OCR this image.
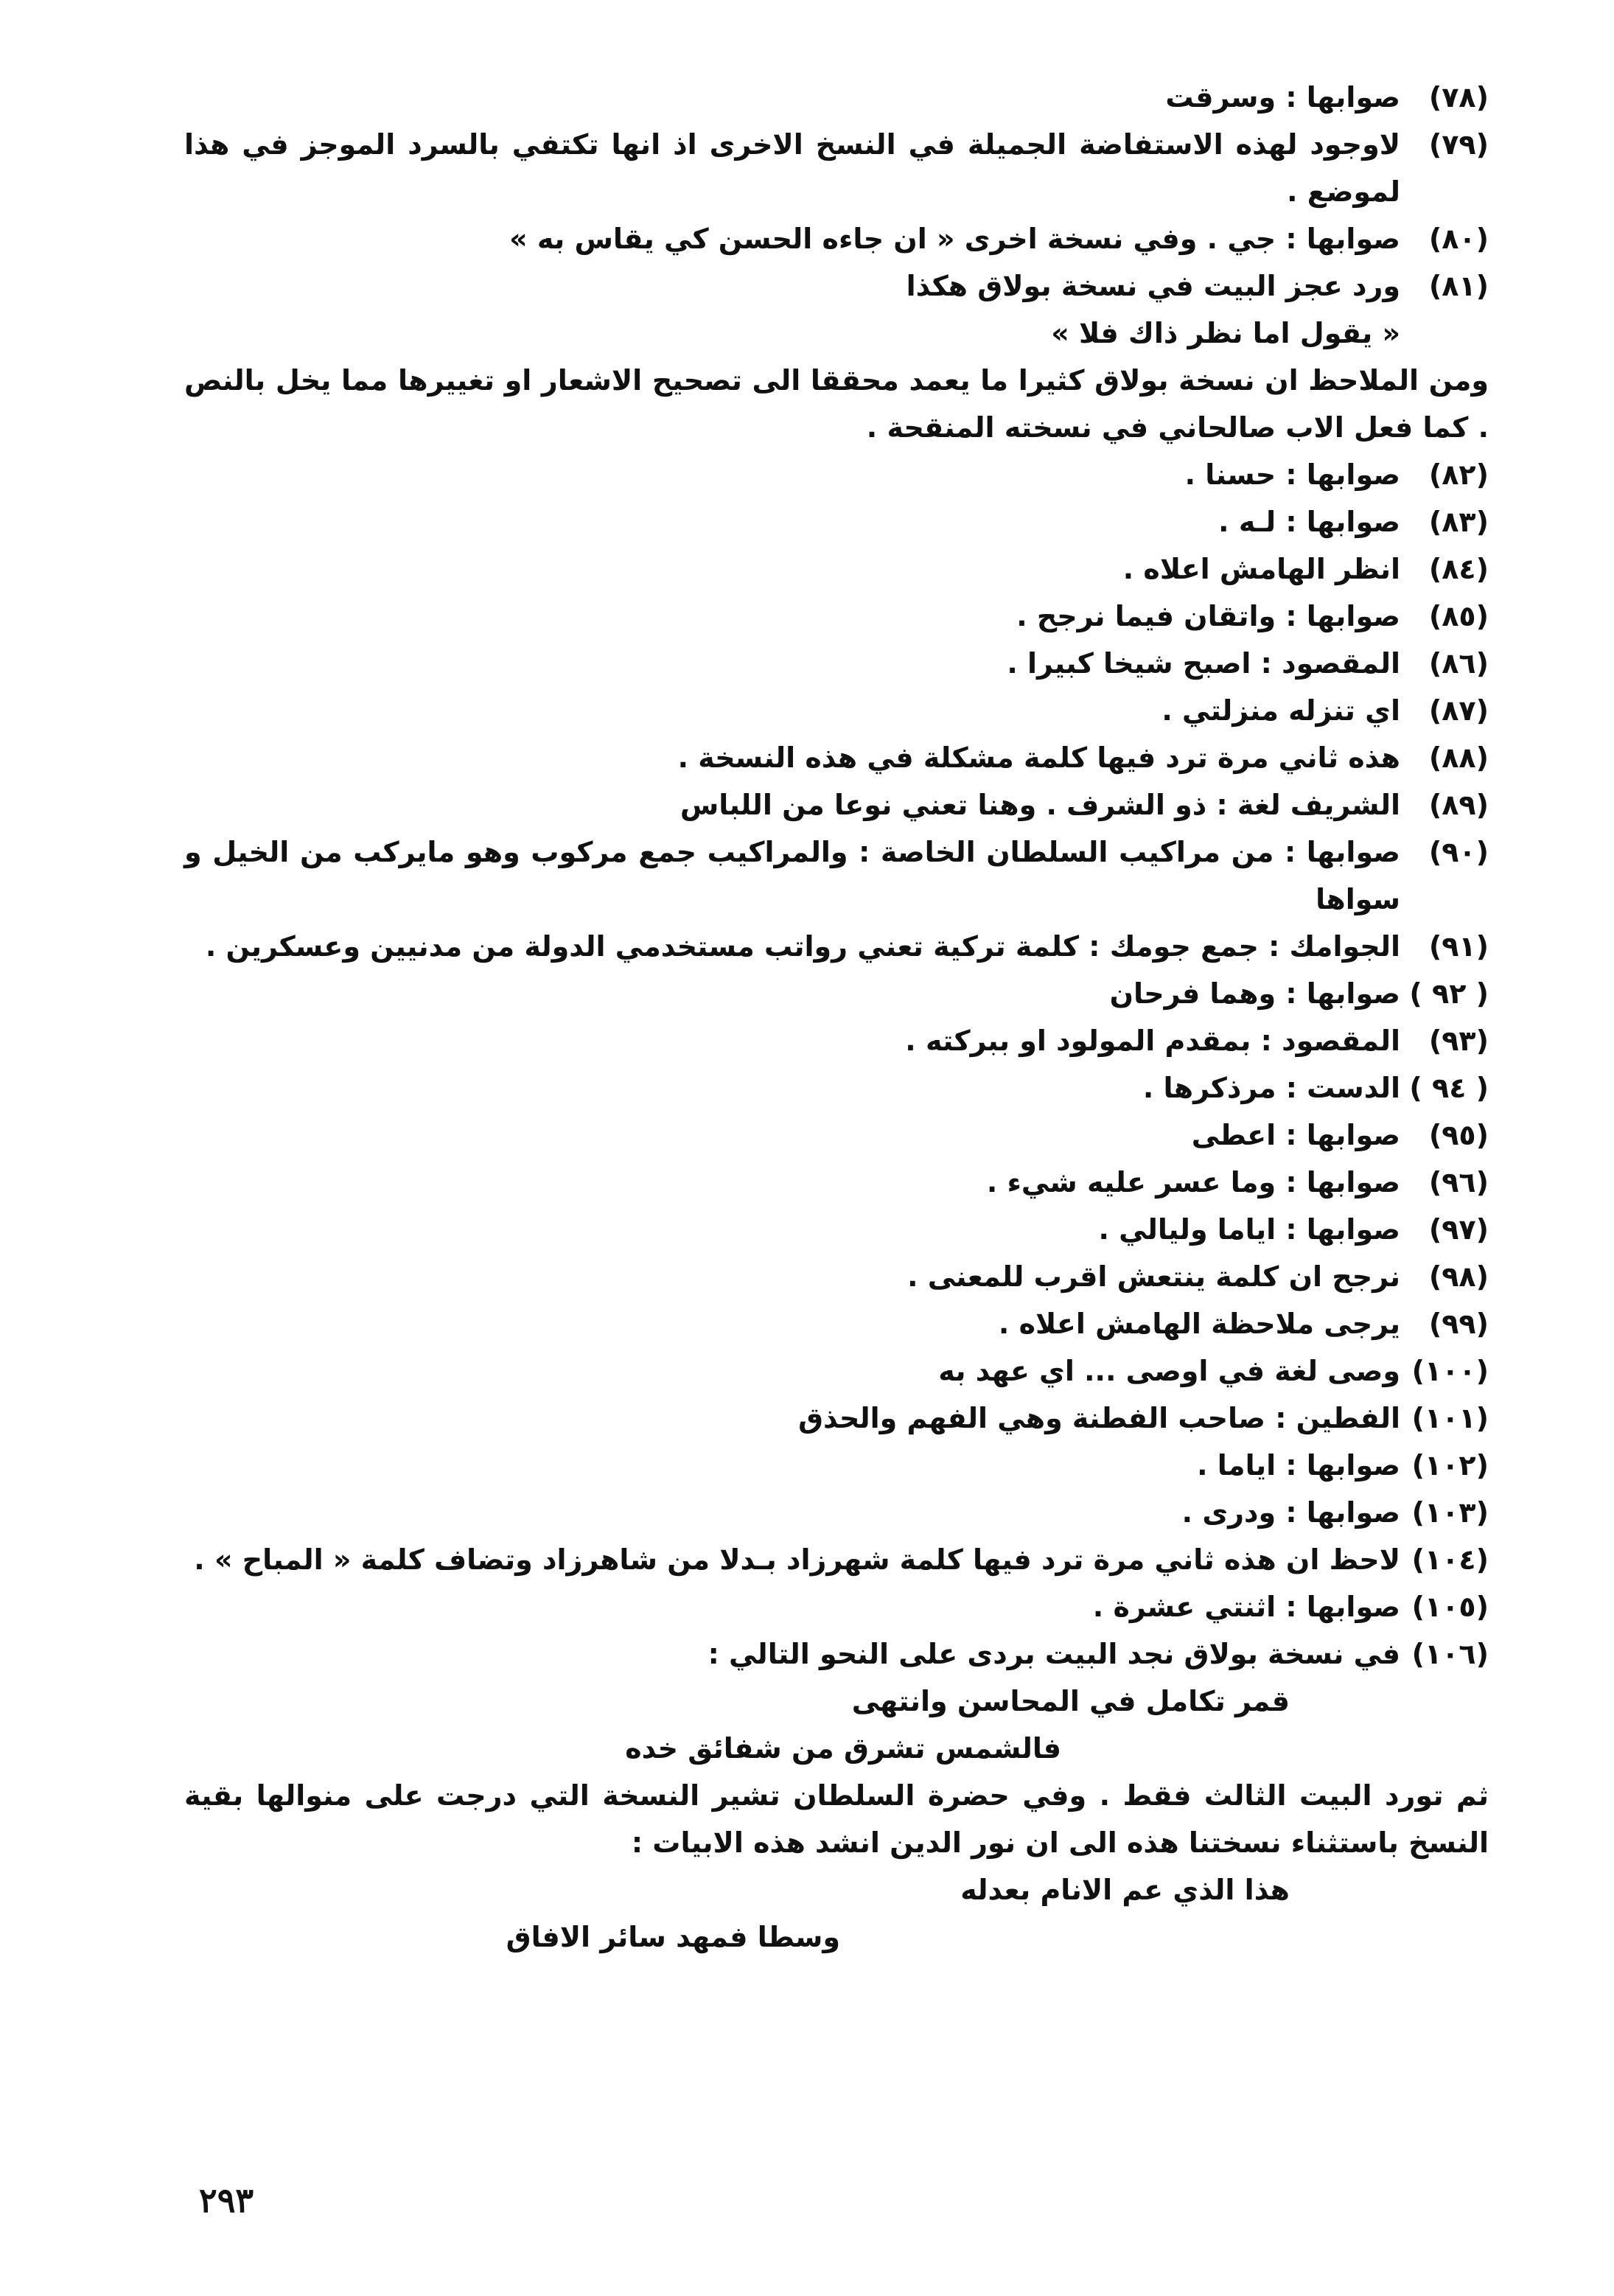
(٧٨)
صوابها : وسرقت
(٧٩)
لاوجود لهذه الاستفاضة الجميلة في النسخ الاخرى اذ انها تكتفي بالسرد الموجز في هذا لموضع .
(٨٠)
صوابها : جي . وفي نسخة اخرى « ان جاءه الحسن كي يقاس به »
(٨١)
ورد عجز البيت في نسخة بولاق هكذا
« يقول اما نظر ذاك فلا »
ومن الملاحظ ان نسخة بولاق كثيرا ما يعمد محققا الى تصحيح الاشعار او تغييرها مما يخل بالنص . كما فعل الاب صالحاني في نسخته المنقحة .
(٨٢)
صوابها : حسنا .
(٨٣)
صوابها : لـه .
(٨٤)
انظر الهامش اعلاه .
(٨٥)
صوابها : واتقان فيما نرجح .
(٨٦)
المقصود : اصبح شيخا كبيرا .
(٨٧)
اي تنزله منزلتي .
(٨٨)
هذه ثاني مرة ترد فيها كلمة مشكلة في هذه النسخة .
(٨٩)
الشريف لغة : ذو الشرف . وهنا تعني نوعا من اللباس
(٩٠)
صوابها : من مراكيب السلطان الخاصة : والمراكيب جمع مركوب وهو مايركب من الخيل و سواها
(٩١)
الجوامك : جمع جومك : كلمة تركية تعني رواتب مستخدمي الدولة من مدنيين وعسكرين .
( ٩٢ )
صوابها : وهما فرحان
(٩٣)
المقصود : بمقدم المولود او ببركته .
( ٩٤ )
الدست : مرذكرها .
(٩٥)
صوابها : اعطى
(٩٦)
صوابها : وما عسر عليه شيء .
(٩٧)
صوابها : اياما وليالي .
(٩٨)
نرجح ان كلمة ينتعش اقرب للمعنى .
(٩٩)
يرجى ملاحظة الهامش اعلاه .
(١٠٠)
وصى لغة في اوصى ... اي عهد به
(١٠١)
الفطين : صاحب الفطنة وهي الفهم والحذق
(١٠٢)
صوابها : اياما .
(١٠٣)
صوابها : ودرى .
(١٠٤)
لاحظ ان هذه ثاني مرة ترد فيها كلمة شهرزاد بـدلا من شاهرزاد وتضاف كلمة « المباح » .
(١٠٥)
صوابها : اثنتي عشرة .
(١٠٦)
في نسخة بولاق نجد البيت بردى على النحو التالي :
قمر تكامل في المحاسن وانتهى
فالشمس تشرق من شفائق خده
ثم تورد البيت الثالث فقط . وفي حضرة السلطان تشير النسخة التي درجت على منوالها بقية النسخ باستثناء نسختنا هذه الى ان نور الدين انشد هذه الابيات :
هذا الذي عم الانام بعدله
وسطا فمهد سائر الافاق
٢٩٣
